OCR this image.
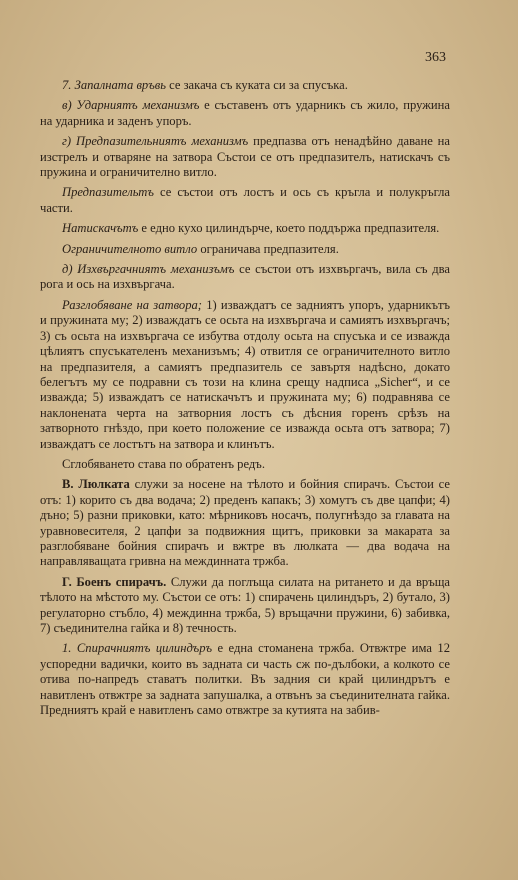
363

7. Запалната връвь се закача съ куката си за спусъка.

в) Ударниятъ механизмъ е съставенъ отъ ударникъ съ жило, пружина на ударника и заденъ упоръ.

г) Предпазительниятъ механизмъ предпазва отъ ненадѣйно даване на изстрелъ и отваряне на затвора Състои се отъ предпазителъ, натискачъ съ пружина и ограничително витло.

Предпазительтъ се състои отъ лостъ и ось съ кръгла и полукръгла части.

Натискачътъ е едно кухо цилиндърче, което поддържа предпазителя.

Ограничителното витло ограничава предпазителя.

д) Изхвъргачниятъ механизъмъ се състои отъ изхвъргачъ, вила съ два рога и ось на изхвъргача.

Разглобяване на затвора; 1) изваждатъ се задниятъ упоръ, ударникътъ и пружината му; 2) изваждатъ се осьта на изхвъргача и самиятъ изхвъргачъ; 3) съ осьта на изхвъргача се избутва отдолу осьта на спусъка и се изважда цѣлиятъ спусъкателенъ механизъмъ; 4) отвитля се ограничителното витло на предпазителя, а самиятъ предпазитель се завъртя надѣсно, докато белегътъ му се подравни съ този на клина срещу надписа „Sicher“, и се изважда; 5) изваждатъ се натискачътъ и пружината му; 6) подравнява се наклонената черта на затворния лостъ съ дѣсния горенъ срѣзъ на затворното гнѣздо, при което положение се изважда осьта отъ затвора; 7) изваждатъ се лостътъ на затвора и клинътъ.

Сглобяването става по обратенъ редъ.

В. Люлката служи за носене на тѣлото и бойния спирачъ. Състои се отъ: 1) корито съ два водача; 2) преденъ капакъ; 3) хомутъ съ две цапфи; 4) дъно; 5) разни приковки, като: мѣрниковъ носачъ, полугнѣздо за главата на уравновесителя, 2 цапфи за подвижния щитъ, приковки за макарата за разглобяване бойния спирачъ и вжтре въ люлката — два водача на направляващата гривна на междинната тржба.

Г. Боенъ спирачъ. Служи да поглъща силата на ритането и да връща тѣлото на мѣстото му. Състои се отъ: 1) спирачень цилиндъръ, 2) бутало, 3) регулаторно стъбло, 4) междинна тржба, 5) връщачни пружини, 6) забивка, 7) съединителна гайка и 8) течность.

1. Спирачниятъ цилиндъръ е една стоманена тржба. Отвжтре има 12 успоредни вадички, които въ задната си часть сж по-дълбоки, а колкото се отива по-напредъ ставатъ политки. Въ задния си край цилиндрътъ е навитленъ отвжтре за задната запушалка, а отвънъ за съединителната гайка. Предниятъ край е навитленъ само отвжтре за кутията на забив-
